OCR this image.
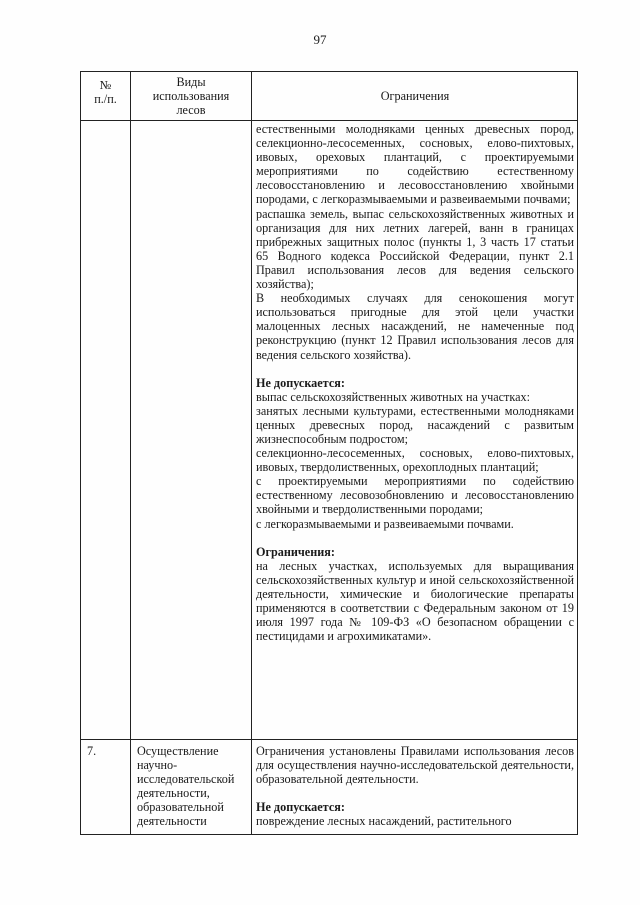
97
№
п./п.
Виды
использования
лесов
Ограничения

естественными молодняками ценных древесных пород, селекционно-лесосеменных, сосновых, елово-пихтовых, ивовых, ореховых плантаций, с проектируемыми мероприятиями по содействию естественному лесовосстановлению и лесовосстановлению хвойными породами, с легкоразмываемыми и развеиваемыми почвами;

распашка земель, выпас сельскохозяйственных животных и организация для них летних лагерей, ванн в границах прибрежных защитных полос (пункты 1, 3 часть 17 статьи 65 Водного кодекса Российской Федерации, пункт 2.1 Правил использования лесов для ведения сельского хозяйства);

В необходимых случаях для сенокошения могут использоваться пригодные для этой цели участки малоценных лесных насаждений, не намеченные под реконструкцию (пункт 12 Правил использования лесов для ведения сельского хозяйства).

Не допускается:

выпас сельскохозяйственных животных на участках:

занятых лесными культурами, естественными молодняками ценных древесных пород, насаждений с развитым жизнеспособным подростом;

селекционно-лесосеменных, сосновых, елово-пихтовых, ивовых, твердолиственных, орехоплодных плантаций;

с проектируемыми мероприятиями по содействию естественному лесовозобновлению и лесовосстановлению хвойными и твердолиственными породами;

с легкоразмываемыми и развеиваемыми почвами.

Ограничения:

на лесных участках, используемых для выращивания сельскохозяйственных культур и иной сельскохозяйственной деятельности, химические и биологические препараты применяются в соответствии с Федеральным законом от 19 июля 1997 года № 109-ФЗ «О безопасном обращении с пестицидами и агрохимикатами».

7.	Осуществление
научно-
исследовательской
деятельности,
образовательной
деятельности

Ограничения установлены Правилами использования лесов для осуществления научно-исследовательской деятельности, образовательной деятельности.

Не допускается:

повреждение лесных насаждений, растительного
